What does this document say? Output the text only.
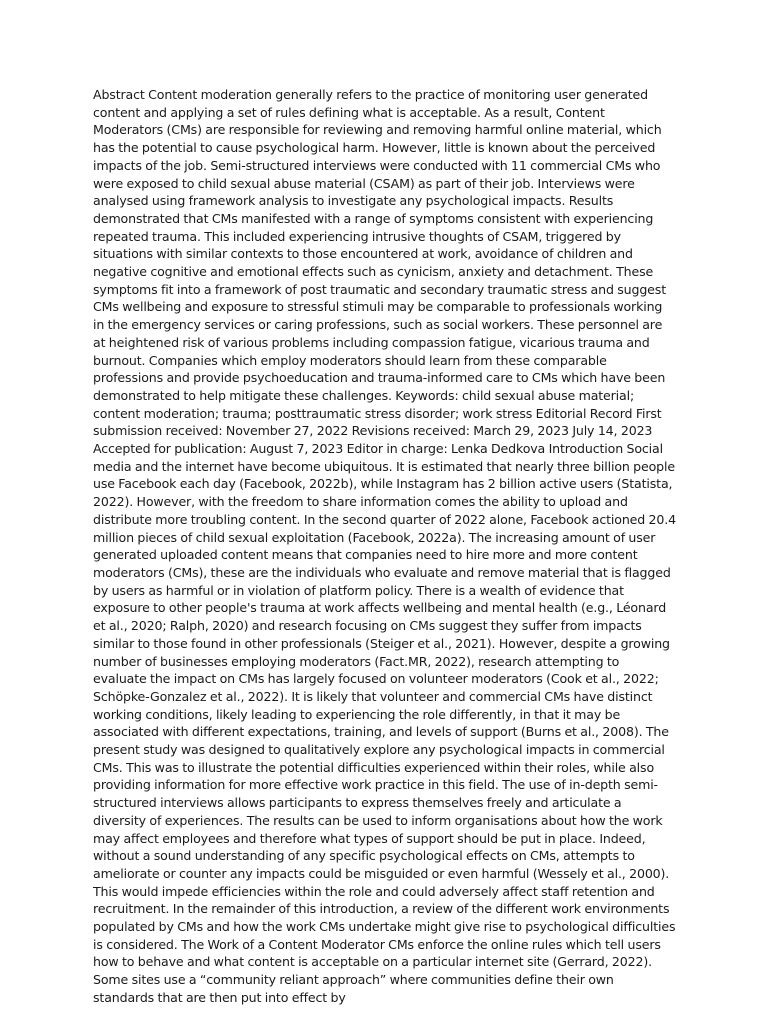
Abstract Content moderation generally refers to the practice of monitoring user generated content and applying a set of rules defining what is acceptable. As a result, Content Moderators (CMs) are responsible for reviewing and removing harmful online material, which has the potential to cause psychological harm. However, little is known about the perceived impacts of the job. Semi-structured interviews were conducted with 11 commercial CMs who were exposed to child sexual abuse material (CSAM) as part of their job. Interviews were analysed using framework analysis to investigate any psychological impacts. Results demonstrated that CMs manifested with a range of symptoms consistent with experiencing repeated trauma. This included experiencing intrusive thoughts of CSAM, triggered by situations with similar contexts to those encountered at work, avoidance of children and negative cognitive and emotional effects such as cynicism, anxiety and detachment. These symptoms fit into a framework of post traumatic and secondary traumatic stress and suggest CMs wellbeing and exposure to stressful stimuli may be comparable to professionals working in the emergency services or caring professions, such as social workers. These personnel are at heightened risk of various problems including compassion fatigue, vicarious trauma and burnout. Companies which employ moderators should learn from these comparable professions and provide psychoeducation and trauma-informed care to CMs which have been demonstrated to help mitigate these challenges. Keywords: child sexual abuse material; content moderation; trauma; posttraumatic stress disorder; work stress Editorial Record First submission received: November 27, 2022 Revisions received: March 29, 2023 July 14, 2023 Accepted for publication: August 7, 2023 Editor in charge: Lenka Dedkova Introduction Social media and the internet have become ubiquitous. It is estimated that nearly three billion people use Facebook each day (Facebook, 2022b), while Instagram has 2 billion active users (Statista, 2022). However, with the freedom to share information comes the ability to upload and distribute more troubling content. In the second quarter of 2022 alone, Facebook actioned 20.4 million pieces of child sexual exploitation (Facebook, 2022a). The increasing amount of user generated uploaded content means that companies need to hire more and more content moderators (CMs), these are the individuals who evaluate and remove material that is flagged by users as harmful or in violation of platform policy. There is a wealth of evidence that exposure to other people's trauma at work affects wellbeing and mental health (e.g., Léonard et al., 2020; Ralph, 2020) and research focusing on CMs suggest they suffer from impacts similar to those found in other professionals (Steiger et al., 2021). However, despite a growing number of businesses employing moderators (Fact.MR, 2022), research attempting to evaluate the impact on CMs has largely focused on volunteer moderators (Cook et al., 2022; Schöpke-Gonzalez et al., 2022). It is likely that volunteer and commercial CMs have distinct working conditions, likely leading to experiencing the role differently, in that it may be associated with different expectations, training, and levels of support (Burns et al., 2008). The present study was designed to qualitatively explore any psychological impacts in commercial CMs. This was to illustrate the potential difficulties experienced within their roles, while also providing information for more effective work practice in this field. The use of in-depth semi-structured interviews allows participants to express themselves freely and articulate a diversity of experiences. The results can be used to inform organisations about how the work may affect employees and therefore what types of support should be put in place. Indeed, without a sound understanding of any specific psychological effects on CMs, attempts to ameliorate or counter any impacts could be misguided or even harmful (Wessely et al., 2000). This would impede efficiencies within the role and could adversely affect staff retention and recruitment. In the remainder of this introduction, a review of the different work environments populated by CMs and how the work CMs undertake might give rise to psychological difficulties is considered. The Work of a Content Moderator CMs enforce the online rules which tell users how to behave and what content is acceptable on a particular internet site (Gerrard, 2022). Some sites use a “community reliant approach” where communities define their own standards that are then put into effect by
